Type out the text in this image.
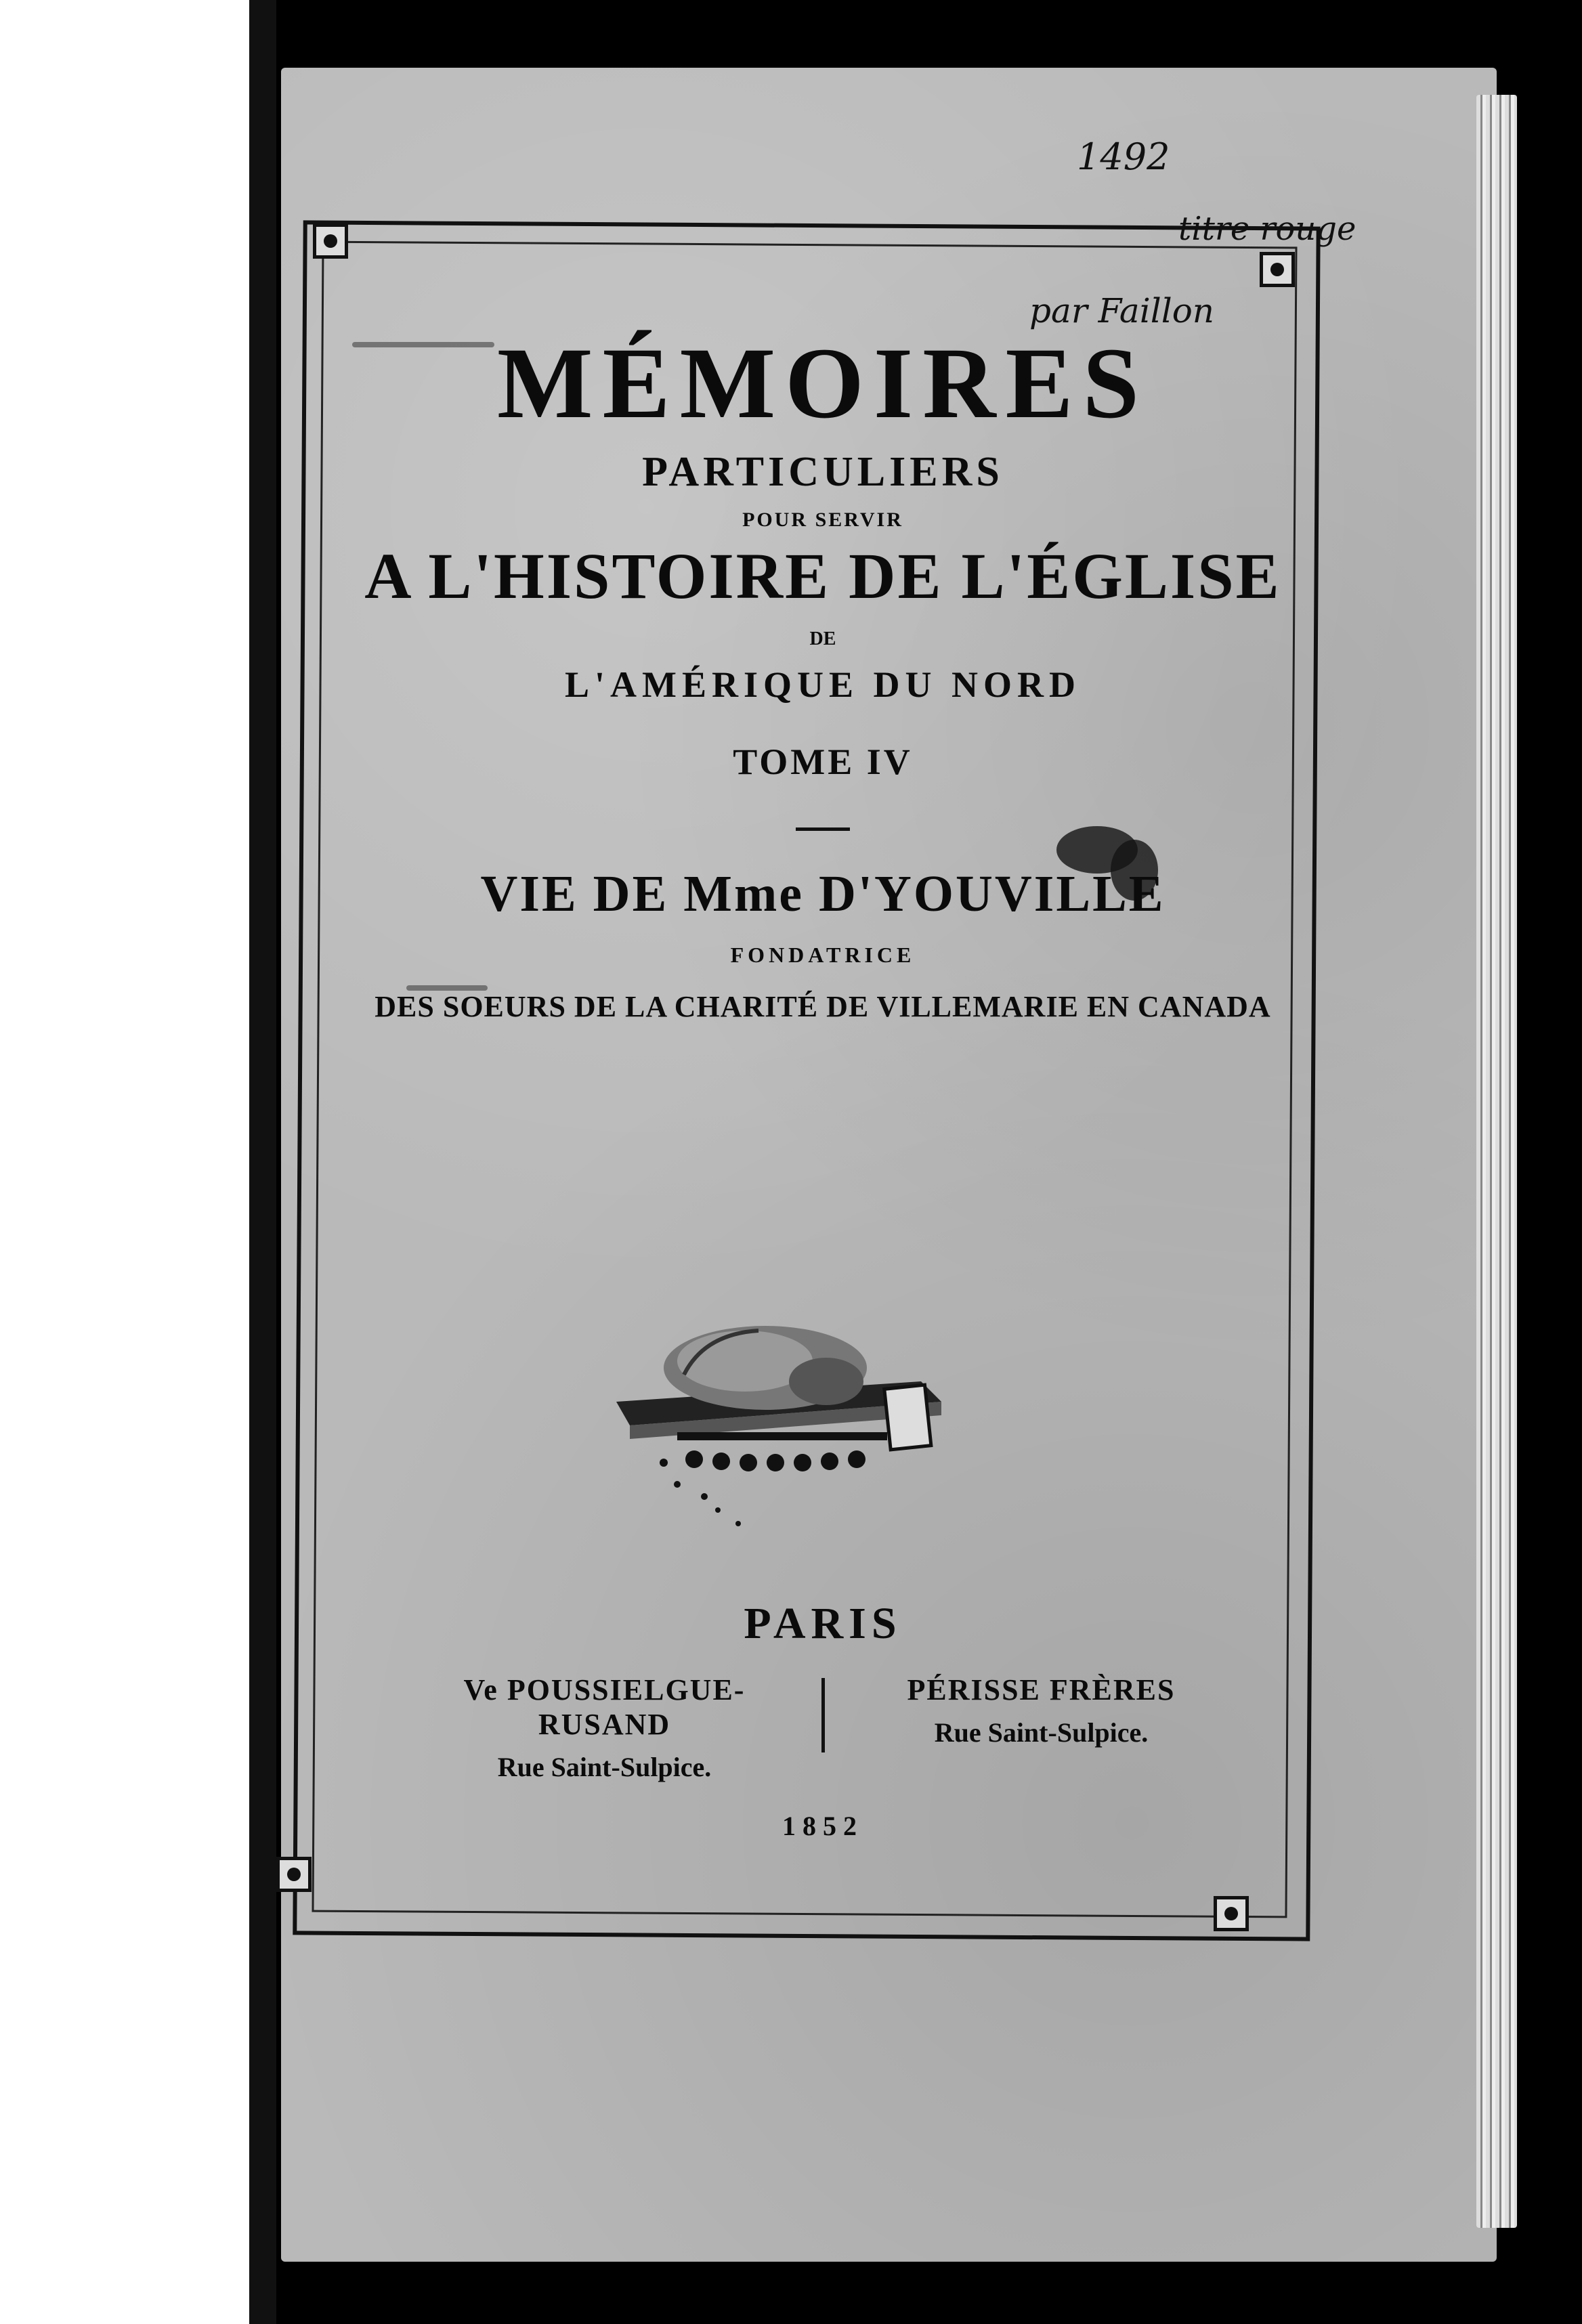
1492
titre rouge
par Faillon
MÉMOIRES
PARTICULIERS
POUR SERVIR
A L'HISTOIRE DE L'ÉGLISE
DE
L'AMÉRIQUE DU NORD
TOME IV
VIE DE Mme D'YOUVILLE
FONDATRICE
DES SOEURS DE LA CHARITÉ DE VILLEMARIE EN CANADA
PARIS
Ve POUSSIELGUE-RUSAND
Rue Saint-Sulpice.
PÉRISSE FRÈRES
Rue Saint-Sulpice.
1852
